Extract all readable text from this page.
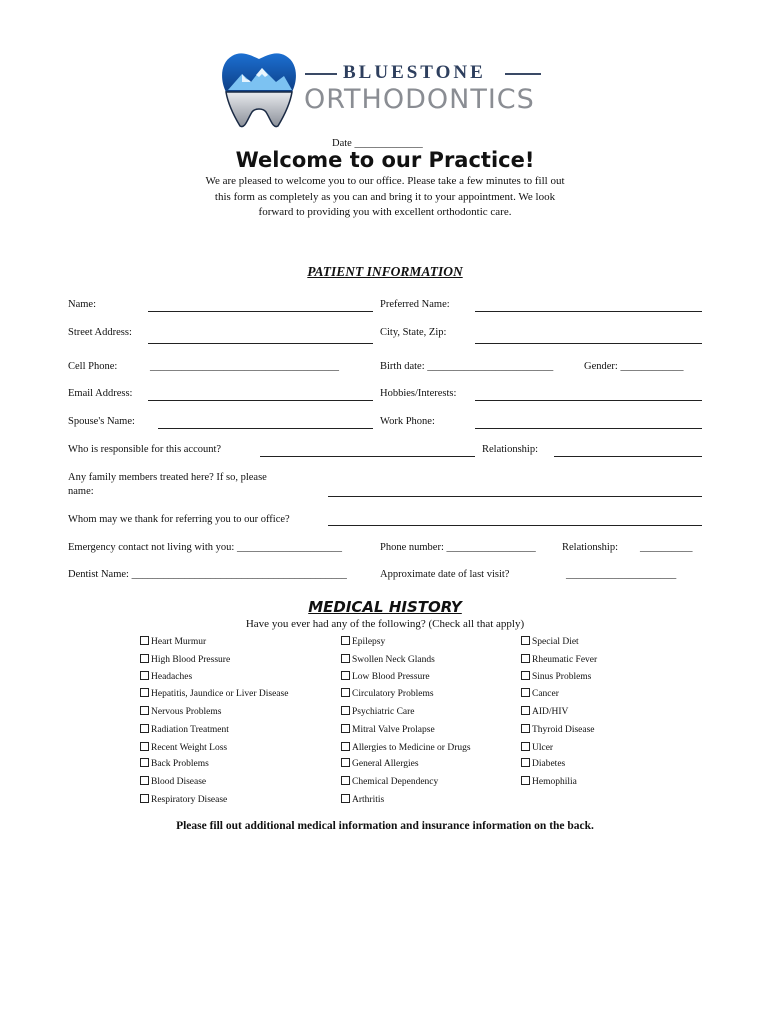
BLUESTONE
ORTHODONTICS
Date _____________
Welcome to our Practice!
We are pleased to welcome you to our office. Please take a few minutes to fill out this form as completely as you can and bring it to your appointment. We look forward to providing you with excellent orthodontic care.
PATIENT INFORMATION
Name:	Preferred Name:
Street Address:	City, State, Zip:
Cell Phone:	____________________________________	Birth date: ________________________	Gender: ____________
Email Address:	Hobbies/Interests:
Spouse's Name:	Work Phone:
Who is responsible for this account?	Relationship:
Any family members treated here? If so, please
name:
Whom may we thank for referring you to our office?
Emergency contact not living with you: ____________________	Phone number: _________________	Relationship: __________
Dentist Name: _________________________________________	Approximate date of last visit?	_____________________
MEDICAL HISTORY
Have you ever had any of the following? (Check all that apply)
Heart Murmur
High Blood Pressure
Headaches
Hepatitis, Jaundice or Liver Disease
Nervous Problems
Radiation Treatment
Recent Weight Loss
Back Problems
Blood Disease
Respiratory Disease
Epilepsy
Swollen Neck Glands
Low Blood Pressure
Circulatory Problems
Psychiatric Care
Mitral Valve Prolapse
Allergies to Medicine or Drugs
General Allergies
Chemical Dependency
Arthritis
Special Diet
Rheumatic Fever
Sinus Problems
Cancer
AID/HIV
Thyroid Disease
Ulcer
Diabetes
Hemophilia
Please fill out additional medical information and insurance information on the back.
